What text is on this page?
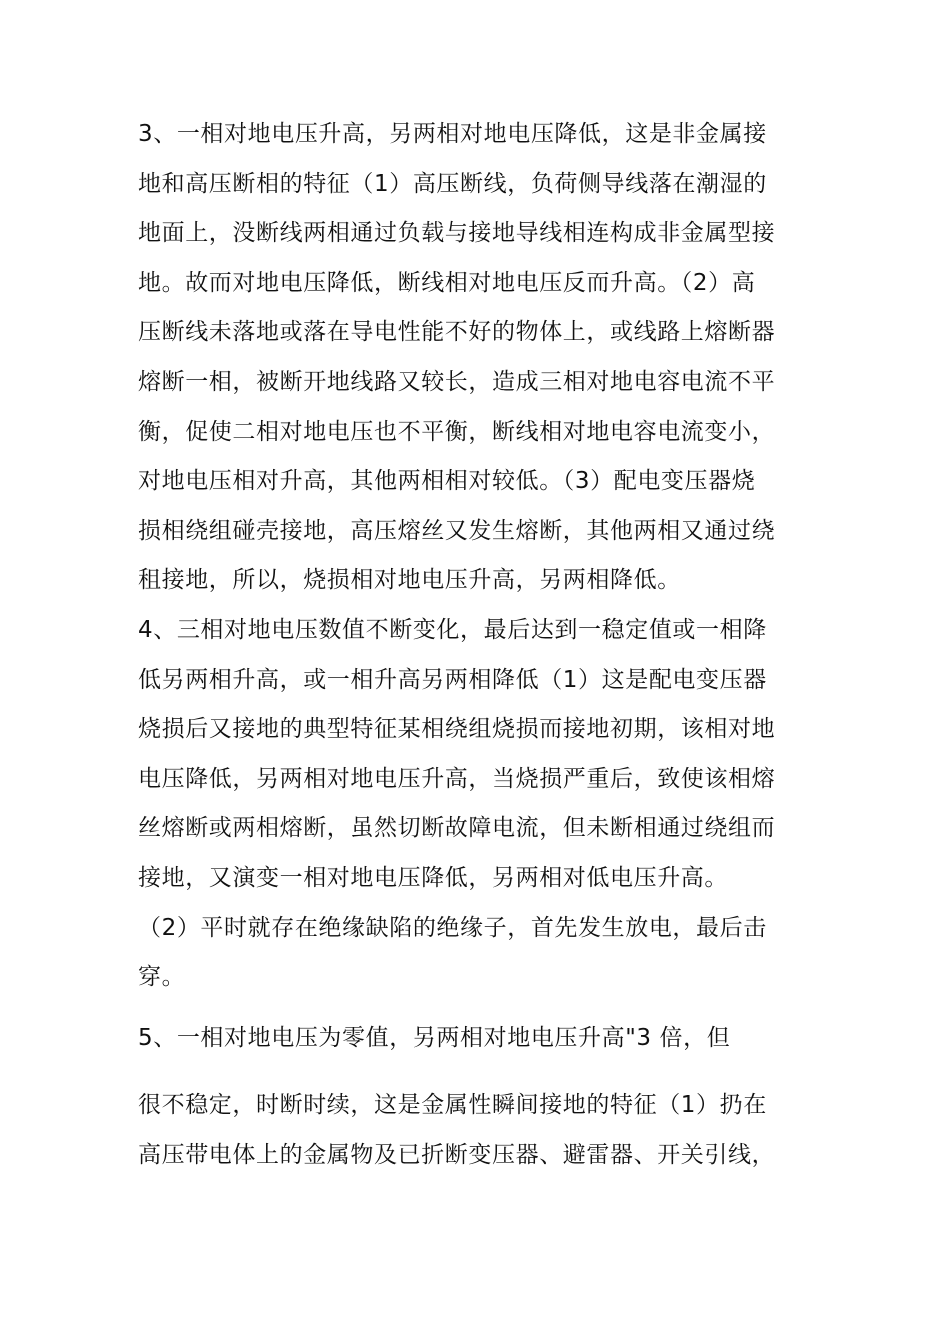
3、一相对地电压升高，另两相对地电压降低，这是非金属接
地和高压断相的特征（1）高压断线，负荷侧导线落在潮湿的
地面上，没断线两相通过负载与接地导线相连构成非金属型接
地。故而对地电压降低，断线相对地电压反而升高。（2）高
压断线未落地或落在导电性能不好的物体上，或线路上熔断器
熔断一相，被断开地线路又较长，造成三相对地电容电流不平
衡，促使二相对地电压也不平衡，断线相对地电容电流变小，
对地电压相对升高，其他两相相对较低。（3）配电变压器烧
损相绕组碰壳接地，高压熔丝又发生熔断，其他两相又通过绕
租接地，所以，烧损相对地电压升高，另两相降低。
4、三相对地电压数值不断变化，最后达到一稳定值或一相降
低另两相升高，或一相升高另两相降低（1）这是配电变压器
烧损后又接地的典型特征某相绕组烧损而接地初期，该相对地
电压降低，另两相对地电压升高，当烧损严重后，致使该相熔
丝熔断或两相熔断，虽然切断故障电流，但未断相通过绕组而
接地，又演变一相对地电压降低，另两相对低电压升高。
（2）平时就存在绝缘缺陷的绝缘子，首先发生放电，最后击
穿。
5、一相对地电压为零值，另两相对地电压升高"3 倍，但
很不稳定，时断时续，这是金属性瞬间接地的特征（1）扔在
高压带电体上的金属物及已折断变压器、避雷器、开关引线，
